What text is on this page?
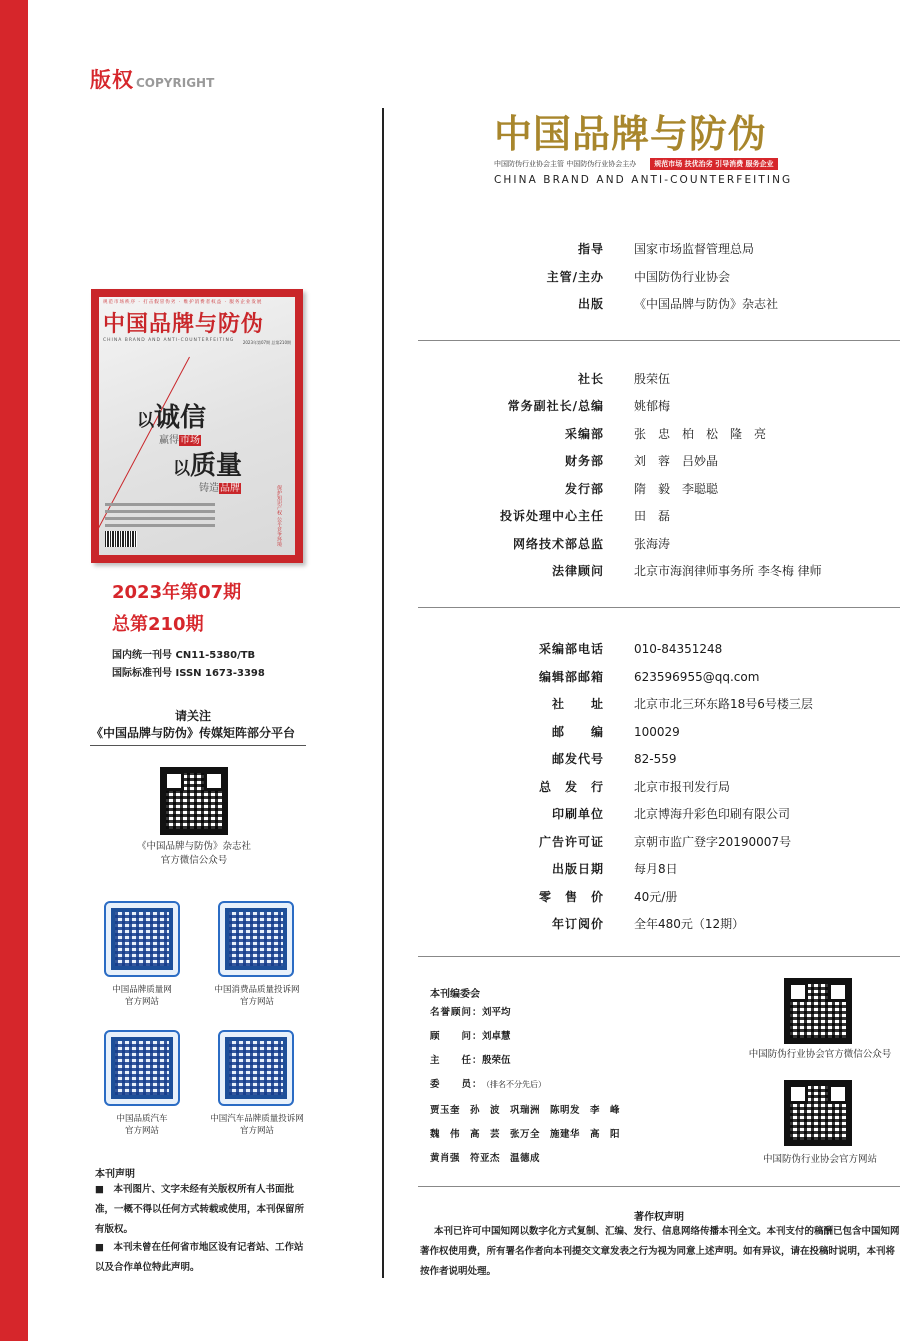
版权 COPYRIGHT
中国品牌与防伪
中国防伪行业协会主管 中国防伪行业协会主办	规范市场 扶优治劣 引导消费 服务企业
CHINA BRAND AND ANTI-COUNTERFEITING
指导	国家市场监督管理总局
主管/主办	中国防伪行业协会
出版	《中国品牌与防伪》杂志社
社长	殷荣伍
常务副社长/总编	姚郁梅
采编部	张　忠　柏　松　隆　亮
财务部	刘　蓉　吕妙晶
发行部	隋　毅　李聪聪
投诉处理中心主任	田　磊
网络技术部总监	张海涛
法律顾问	北京市海润律师事务所 李冬梅 律师
采编部电话	010-84351248
编辑部邮箱	623596955@qq.com
社　　址	北京市北三环东路18号6号楼三层
邮　　编	100029
邮发代号	82-559
总　发　行	北京市报刊发行局
印刷单位	北京博海升彩色印刷有限公司
广告许可证	京朝市监广登字20190007号
出版日期	每月8日
零　售　价	40元/册
年订阅价	全年480元（12期）
规范市场秩序 · 打击假冒伪劣 · 维护消费者权益 · 服务企业发展
中国品牌与防伪
CHINA BRAND AND ANTI-COUNTERFEITING	2023年第07期 总第210期
以诚信
赢得市场
以质量
铸造品牌	保护知识产权 公平竞争环境
2023年第07期
总第210期
国内统一刊号 CN11-5380/TB
国际标准刊号 ISSN 1673-3398
请关注
《中国品牌与防伪》传媒矩阵部分平台
《中国品牌与防伪》杂志社
官方微信公众号
中国品牌质量网
官方网站
中国消费品质量投诉网
官方网站
中国品质汽车
官方网站
中国汽车品牌质量投诉网
官方网站
本刊声明
■　本刊图片、文字未经有关版权所有人书面批准，一概不得以任何方式转载或使用，本刊保留所有版权。
■　本刊未曾在任何省市地区设有记者站、工作站以及合作单位特此声明。
本刊编委会
名誉顾问：刘平均
顾　　问：刘卓慧
主　　任：殷荣伍
委　　员：（排名不分先后）
贾玉奎　孙　波　巩瑞洲　陈明发　李　峰
魏　伟　高　芸　张万全　施建华　高　阳
黄肖强　符亚杰　温德成
中国防伪行业协会官方微信公众号
中国防伪行业协会官方网站
著作权声明
本刊已许可中国知网以数字化方式复制、汇编、发行、信息网络传播本刊全文。本刊支付的稿酬已包含中国知网著作权使用费，所有署名作者向本刊提交文章发表之行为视为同意上述声明。如有异议，请在投稿时说明，本刊将按作者说明处理。
